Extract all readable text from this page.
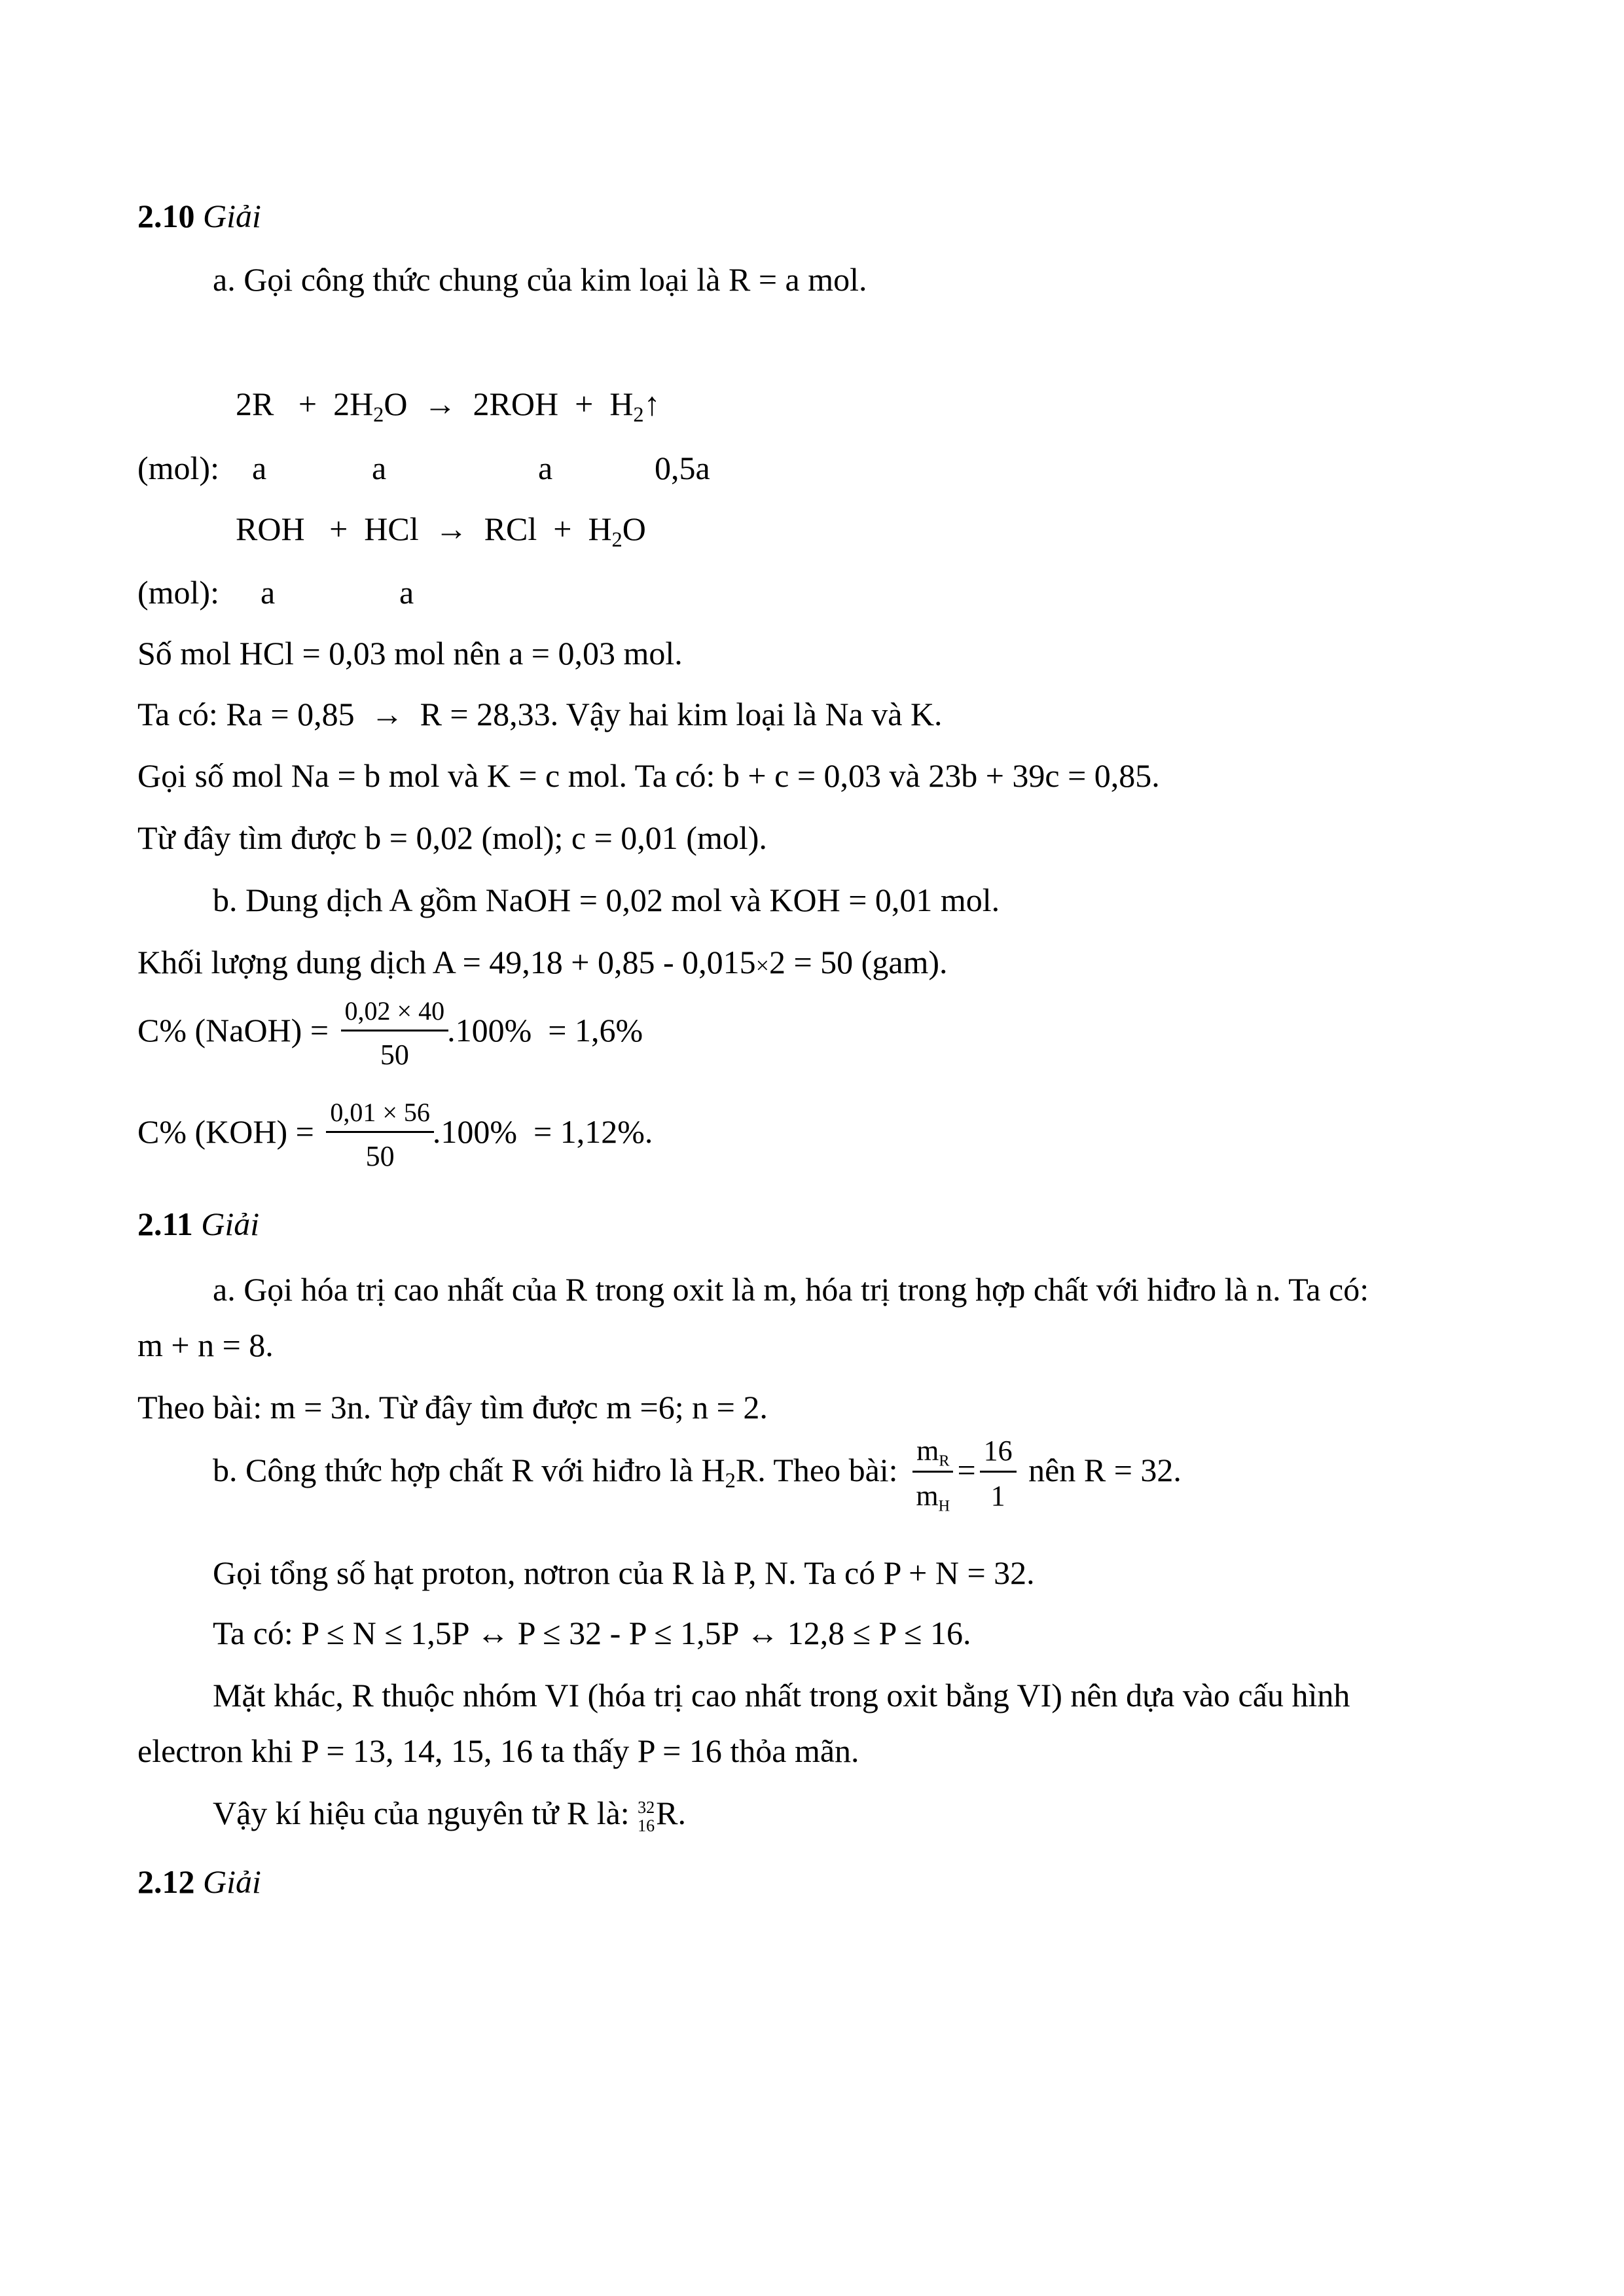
2.10 Giải
a. Gọi công thức chung của kim loại là R = a mol.
$2R + 2H_2O \to 2ROH$ + $H_2↑$
(mol): a	a	a	0,5a
ROH + HCl → RCl + $H_2O$
(mol): a	a
Số mol HCl = 0,03 mol nên a = 0,03 mol.
Ta có: Ra = 0,85 → R = 28,33. Vậy hai kim loại là Na và K.
Gọi số mol Na = b mol và K = c mol. Ta có: b + c = 0,03 và 23b + 39c = 0,85.
Từ đây tìm được b = 0,02 (mol); c = 0,01 (mol).
b. Dung dịch A gồm NaOH = 0,02 mol và KOH = 0,01 mol.
Khối lượng dung dịch A = 49,18 + 0,85 - 0,015×2 = 50 (gam).
C% (NaOH) = $\frac{0,02 \times 40}{50}$
.100% = 1,6%
C% $(KOH) = \frac{0,01 \times 56}{50}$
.100% = 1,12%.
2.11 Giải
a. Gọi hóa trị cao nhất của R trong oxit là m, hóa trị trong hợp chất với hiđro là n. Ta có:
m + n = 8.
Theo bài: m = 3n. Từ đây tìm được m =6; n = 2.
b. Công thức hợp chất R với hiđro là $H_2R$. Theo bài: $\frac{mR}{mH} = \frac{16}{1}$ nên R = 32.
Gọi tổng số hạt proton, nơtron của R là P, N. Ta có P + N = 32.
Ta có: P ≤ N ≤ 1,5P ↔ P ≤ 32 - P ≤ 1,5P ↔ 12,8 ≤ P ≤ 16.
Mặt khác, R thuộc nhóm VI (hóa trị cao nhất trong oxit bằng VI) nên dựa vào cấu hình
electron khi P = 13, 14, 15, 16 ta thấy P = 16 thỏa mãn.
Vậy kí hiệu của nguyên tử R là: 32
16 R.
2.12 Giải
